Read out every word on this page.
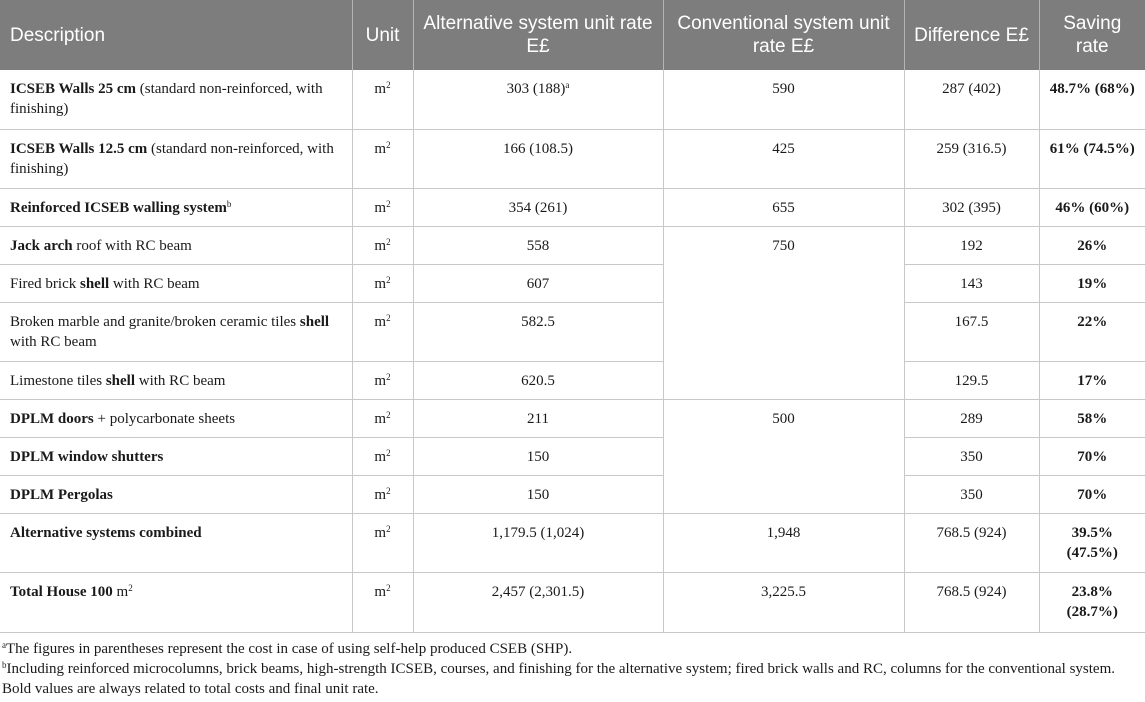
Description	Unit	Alternative system unit rate E£	Conventional system unit rate E£	Difference E£	Saving rate
ICSEB Walls 25 cm (standard non-reinforced, with finishing)	$m^2$	303 $(188)^a$	590	287 (402)	48.7% (68%)
ICSEB Walls 12.5 cm (standard non-reinforced, with finishing)	$m^2$	166 (108.5)	425	259 (316.5)	61% (74.5%)
Reinforced ICSEB walling system$^b$	$m^2$	354 (261)	655	302 (395)	46% (60%)
Jack arch roof with RC beam	$m^2$	558	750	192	26%
Fired brick shell with RC beam	$m^2$	607		143	19%
Broken marble and granite/broken ceramic tiles shell with RC beam	$m^2$	582.5		167.5	22%
Limestone tiles shell with RC beam	$m^2$	620.5		129.5	17%
DPLM doors + polycarbonate sheets	$m^2$	211	500	289	58%
DPLM window shutters	$m^2$	150		350	70%
DPLM Pergolas	$m^2$	150		350	70%
Alternative systems combined	$m^2$	1,179.5 (1,024)	1,948	768.5 (924)	39.5% (47.5%)
Total House 100 $m^2$	$m^2$	2,457 (2,301.5)	3,225.5	768.5 (924)	23.8% (28.7%)

$^a$The figures in parentheses represent the cost in case of using self-help produced CSEB (SHP).

$^b$Including reinforced microcolumns, brick beams, high-strength ICSEB, courses, and finishing for the alternative system; fired brick walls and RC, columns for the conventional system.

Bold values are always related to total costs and final unit rate.
